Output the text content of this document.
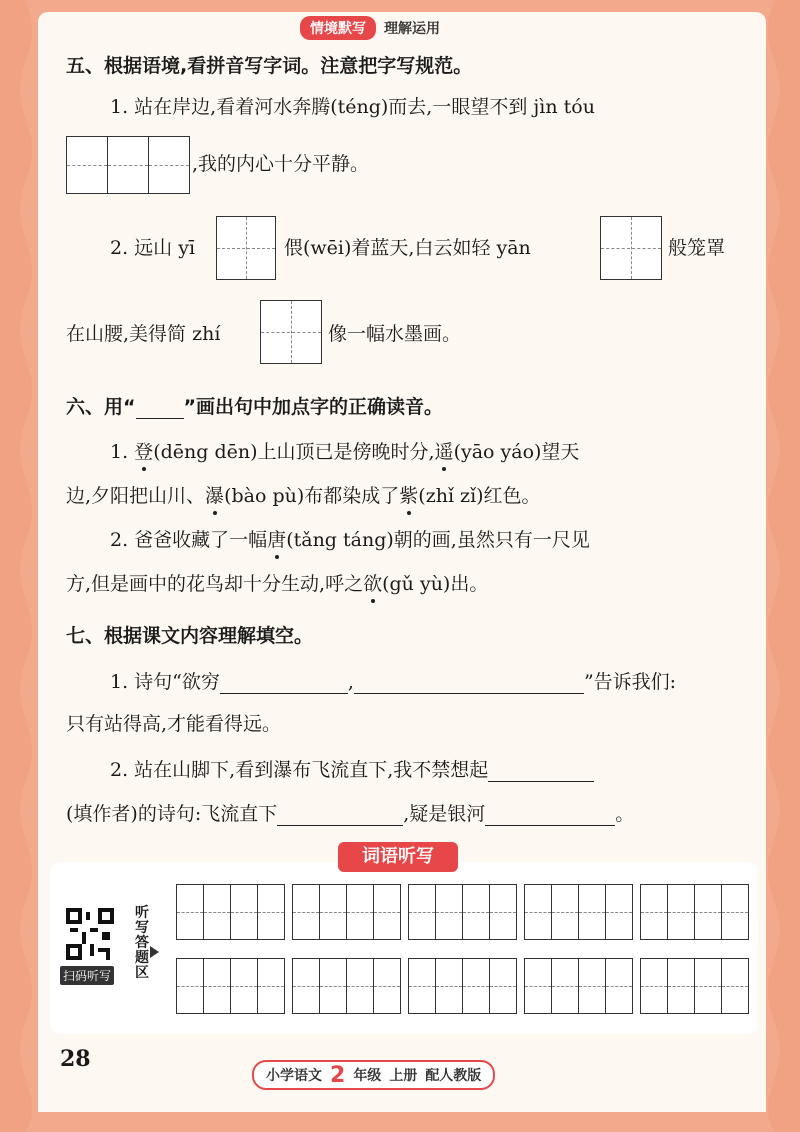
情境默写	理解运用
五、根据语境,看拼音写字词。注意把字写规范。
1. 站在岸边,看着河水奔腾(téng)而去,一眼望不到 jìn tóu
,我的内心十分平静。
2. 远山 yī	偎(wēi)着蓝天,白云如轻 yān	般笼罩
在山腰,美得简 zhí	像一幅水墨画。
六、用“	”画出句中加点字的正确读音。
1. 登(dēng dēn)上山顶已是傍晚时分,遥(yāo yáo)望天
边,夕阳把山川、瀑(bào pù)布都染成了紫(zhǐ zǐ)红色。
2. 爸爸收藏了一幅唐(tǎng táng)朝的画,虽然只有一尺见
方,但是画中的花鸟却十分生动,呼之欲(gǔ yù)出。
七、根据课文内容理解填空。
1. 诗句“欲穷	,	”告诉我们:
只有站得高,才能看得远。
2. 站在山脚下,看到瀑布飞流直下,我不禁想起
(填作者)的诗句:飞流直下	,疑是银河	。
词语听写
扫码听写
听写答题区
28
小学语文 2 年级 上册 配人教版
